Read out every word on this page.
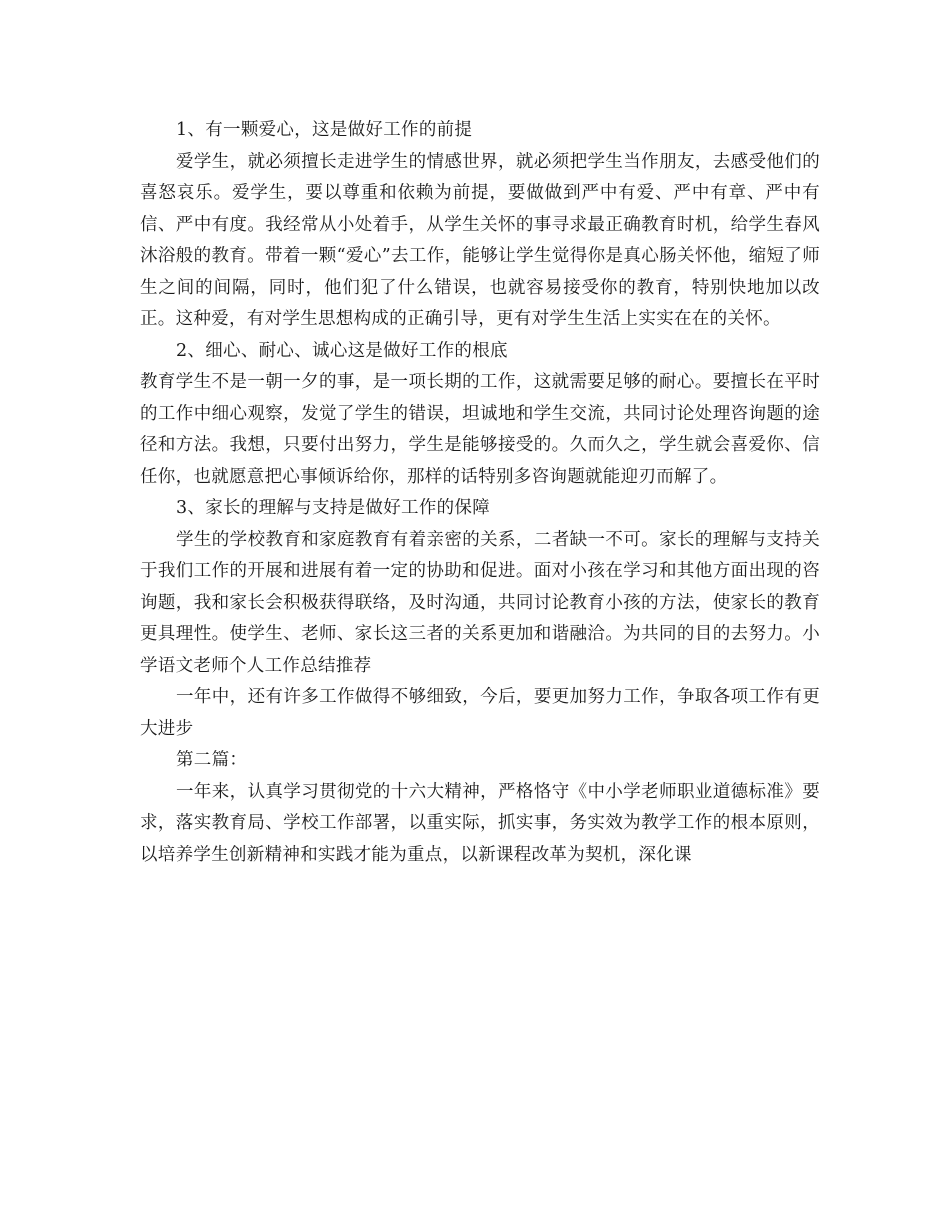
1、有一颗爱心，这是做好工作的前提

爱学生，就必须擅长走进学生的情感世界，就必须把学生当作朋友，去感受他们的喜怒哀乐。爱学生，要以尊重和依赖为前提，要做做到严中有爱、严中有章、严中有信、严中有度。我经常从小处着手，从学生关怀的事寻求最正确教育时机，给学生春风沐浴般的教育。带着一颗“爱心”去工作，能够让学生觉得你是真心肠关怀他，缩短了师生之间的间隔，同时，他们犯了什么错误，也就容易接受你的教育，特别快地加以改正。这种爱，有对学生思想构成的正确引导，更有对学生生活上实实在在的关怀。

2、细心、耐心、诚心这是做好工作的根底

教育学生不是一朝一夕的事，是一项长期的工作，这就需要足够的耐心。要擅长在平时的工作中细心观察，发觉了学生的错误，坦诚地和学生交流，共同讨论处理咨询题的途径和方法。我想，只要付出努力，学生是能够接受的。久而久之，学生就会喜爱你、信任你，也就愿意把心事倾诉给你，那样的话特别多咨询题就能迎刃而解了。

3、家长的理解与支持是做好工作的保障

学生的学校教育和家庭教育有着亲密的关系，二者缺一不可。家长的理解与支持关于我们工作的开展和进展有着一定的协助和促进。面对小孩在学习和其他方面出现的咨询题，我和家长会积极获得联络，及时沟通，共同讨论教育小孩的方法，使家长的教育更具理性。使学生、老师、家长这三者的关系更加和谐融洽。为共同的目的去努力。小学语文老师个人工作总结推荐

一年中，还有许多工作做得不够细致，今后，要更加努力工作，争取各项工作有更大进步

第二篇：

一年来，认真学习贯彻党的十六大精神，严格恪守《中小学老师职业道德标准》要求，落实教育局、学校工作部署，以重实际，抓实事，务实效为教学工作的根本原则，以培养学生创新精神和实践才能为重点，以新课程改革为契机，深化课
